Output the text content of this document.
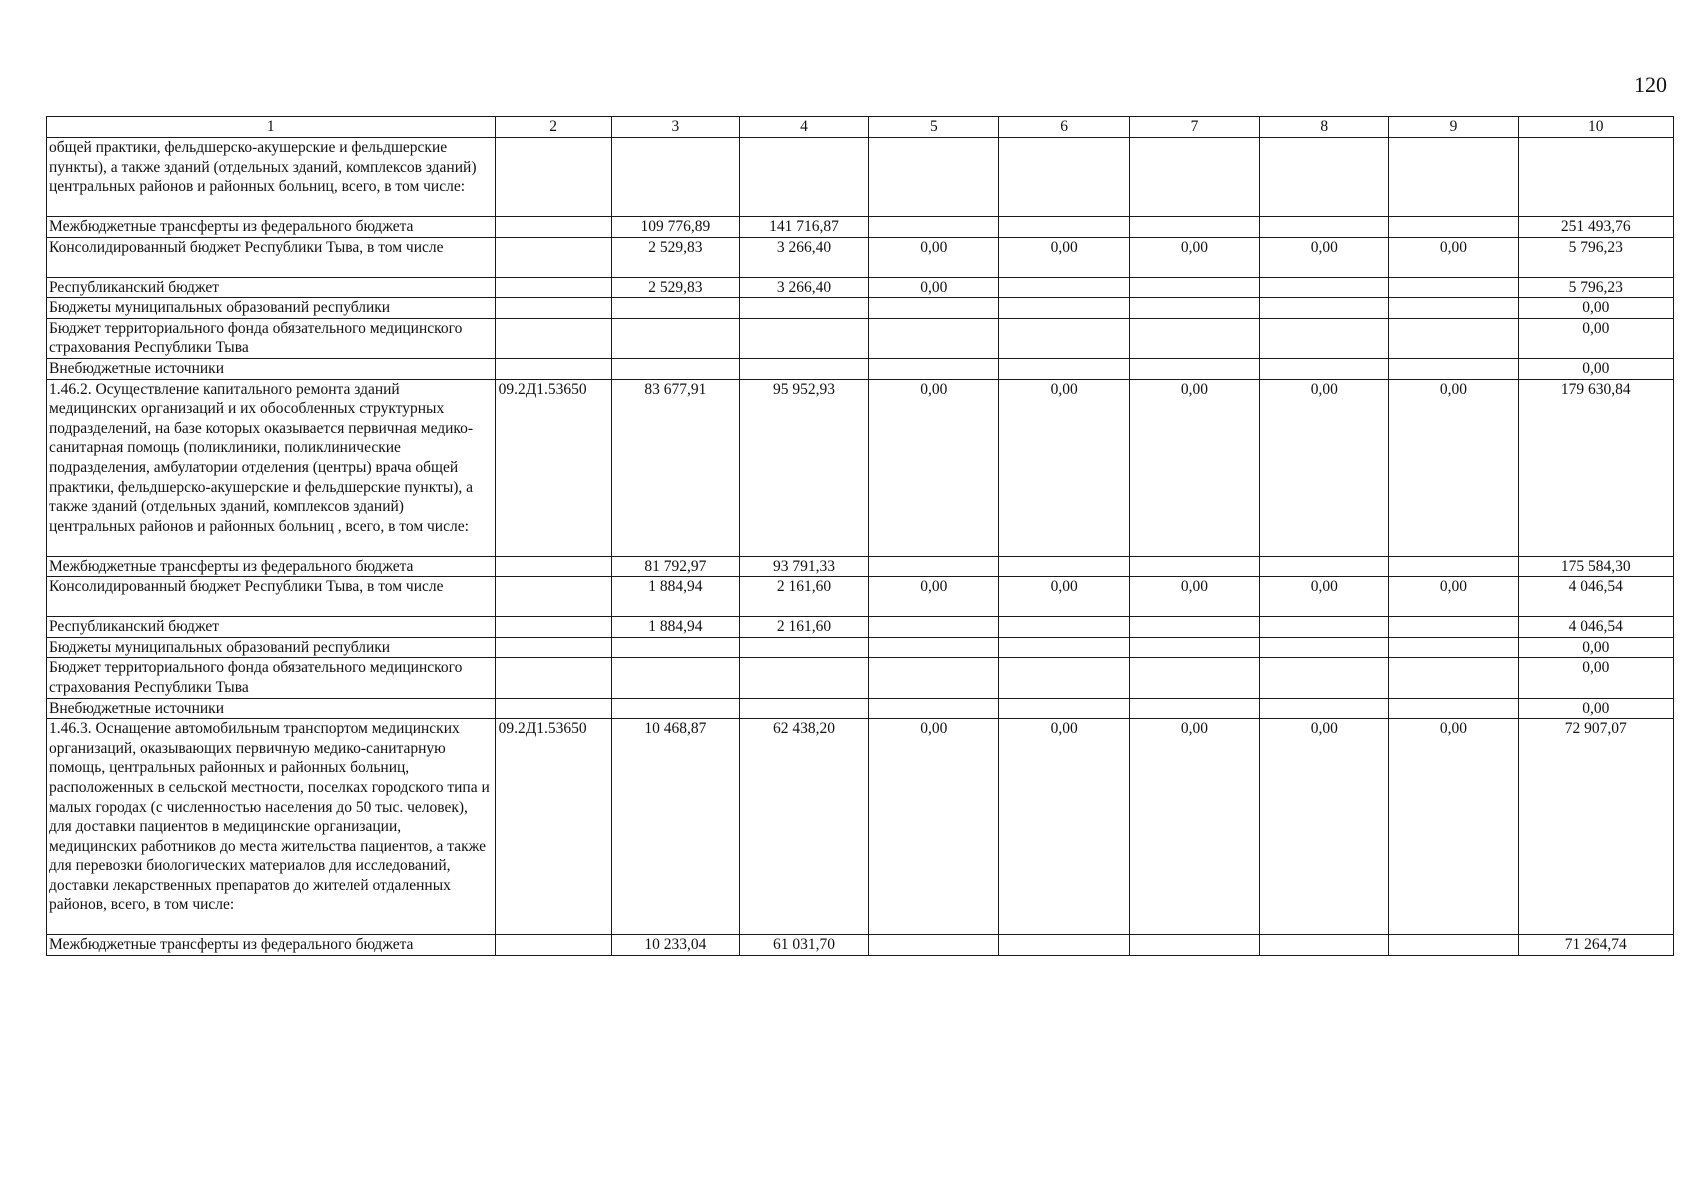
120
1	2	3	4	5	6	7	8	9	10
общей практики, фельдшерско-акушерские и фельдшерские пункты), а также зданий (отдельных зданий, комплексов зданий) центральных районов и районных больниц, всего, в том числе:									
Межбюджетные трансферты из федерального бюджета		109 776,89	141 716,87						251 493,76
Консолидированный бюджет Республики Тыва, в том числе		2 529,83	3 266,40	0,00	0,00	0,00	0,00	0,00	5 796,23
Республиканский бюджет		2 529,83	3 266,40	0,00					5 796,23
Бюджеты муниципальных образований республики									0,00
Бюджет территориального фонда обязательного медицинского страхования Республики Тыва									0,00
Внебюджетные источники									0,00
1.46.2. Осуществление капитального ремонта зданий медицинских организаций и их обособленных структурных подразделений, на базе которых оказывается первичная медико-санитарная помощь (поликлиники, поликлинические подразделения, амбулатории отделения (центры) врача общей практики, фельдшерско-акушерские и фельдшерские пункты), а также зданий (отдельных зданий, комплексов зданий) центральных районов и районных больниц , всего, в том числе:	09.2Д1.53650	83 677,91	95 952,93	0,00	0,00	0,00	0,00	0,00	179 630,84
Межбюджетные трансферты из федерального бюджета		81 792,97	93 791,33						175 584,30
Консолидированный бюджет Республики Тыва, в том числе		1 884,94	2 161,60	0,00	0,00	0,00	0,00	0,00	4 046,54
Республиканский бюджет		1 884,94	2 161,60						4 046,54
Бюджеты муниципальных образований республики									0,00
Бюджет территориального фонда обязательного медицинского страхования Республики Тыва									0,00
Внебюджетные источники									0,00
1.46.3. Оснащение автомобильным транспортом медицинских организаций, оказывающих первичную медико-санитарную помощь, центральных районных и районных больниц, расположенных в сельской местности, поселках городского типа и малых городах (с численностью населения до 50 тыс. человек), для доставки пациентов в медицинские организации, медицинских работников до места жительства пациентов, а также для перевозки биологических материалов для исследований, доставки лекарственных препаратов до жителей отдаленных районов, всего, в том числе:	09.2Д1.53650	10 468,87	62 438,20	0,00	0,00	0,00	0,00	0,00	72 907,07
Межбюджетные трансферты из федерального бюджета		10 233,04	61 031,70						71 264,74
